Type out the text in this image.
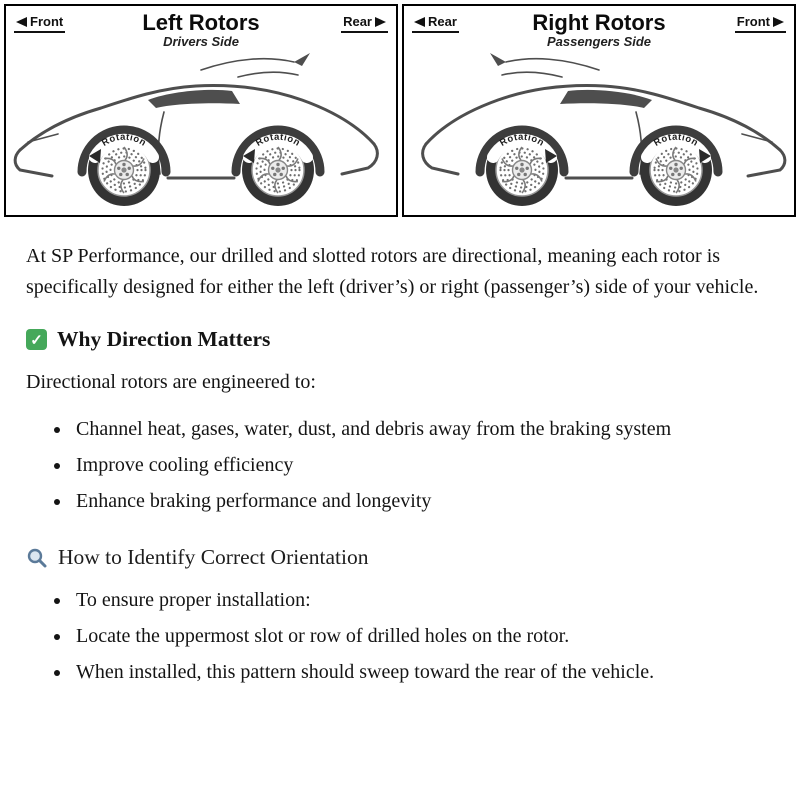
Front	Left Rotors
Drivers Side
Rear
Rotation	Rotation
Rear	Right Rotors
Passengers Side
Front
Rotation	Rotation

At SP Performance, our drilled and slotted rotors are directional, meaning each rotor is specifically designed for either the left (driver’s) or right (passenger’s) side of your vehicle.

✓
Why Direction Matters

Directional rotors are engineered to:

• Channel heat, gases, water, dust, and debris away from the braking system
• Improve cooling efficiency
• Enhance braking performance and longevity
How to Identify Correct Orientation
• To ensure proper installation:
• Locate the uppermost slot or row of drilled holes on the rotor.
• When installed, this pattern should sweep toward the rear of the vehicle.
